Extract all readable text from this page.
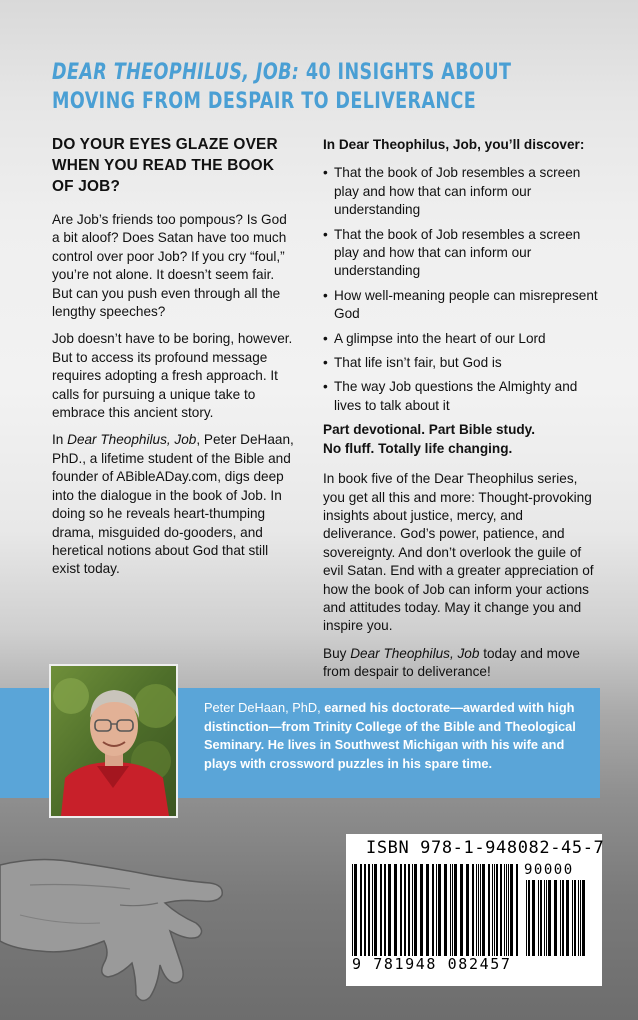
DEAR THEOPHILUS, JOB: 40 INSIGHTS ABOUT
MOVING FROM DESPAIR TO DELIVERANCE
DO YOUR EYES GLAZE OVER WHEN YOU READ THE BOOK OF JOB?

Are Job’s friends too pompous? Is God a bit aloof? Does Satan have too much control over poor Job? If you cry “foul,” you’re not alone. It doesn’t seem fair. But can you push even through all the lengthy speeches?

Job doesn’t have to be boring, however. But to access its profound message requires adopting a fresh approach. It calls for pursuing a unique take to embrace this ancient story.

In Dear Theophilus, Job, Peter DeHaan, PhD., a lifetime student of the Bible and founder of ABibleADay.com, digs deep into the dialogue in the book of Job. In doing so he reveals heart-thumping drama, misguided do-gooders, and heretical notions about God that still exist today.

In Dear Theophilus, Job, you’ll discover:
• That the book of Job resembles a screen play and how that can inform our understanding
• That the book of Job resembles a screen play and how that can inform our understanding
• How well-meaning people can misrepresent God
• A glimpse into the heart of our Lord
• That life isn’t fair, but God is
• The way Job questions the Almighty and lives to talk about it
Part devotional. Part Bible study.
No fluff. Totally life changing.

In book five of the Dear Theophilus series, you get all this and more: Thought-provoking insights about justice, mercy, and deliverance. God’s power, patience, and sovereignty. And don’t overlook the guile of evil Satan. End with a greater appreciation of how the book of Job can inform your actions and attitudes today. May it change you and inspire you.

Buy Dear Theophilus, Job today and move from despair to deliverance!

Peter DeHaan, PhD, earned his doctorate—awarded with high distinction—from Trinity College of the Bible and Theological Seminary. He lives in Southwest Michigan with his wife and plays with crossword puzzles in his spare time.
ISBN 978-1-948082-45-7
90000
9 781948 082457
